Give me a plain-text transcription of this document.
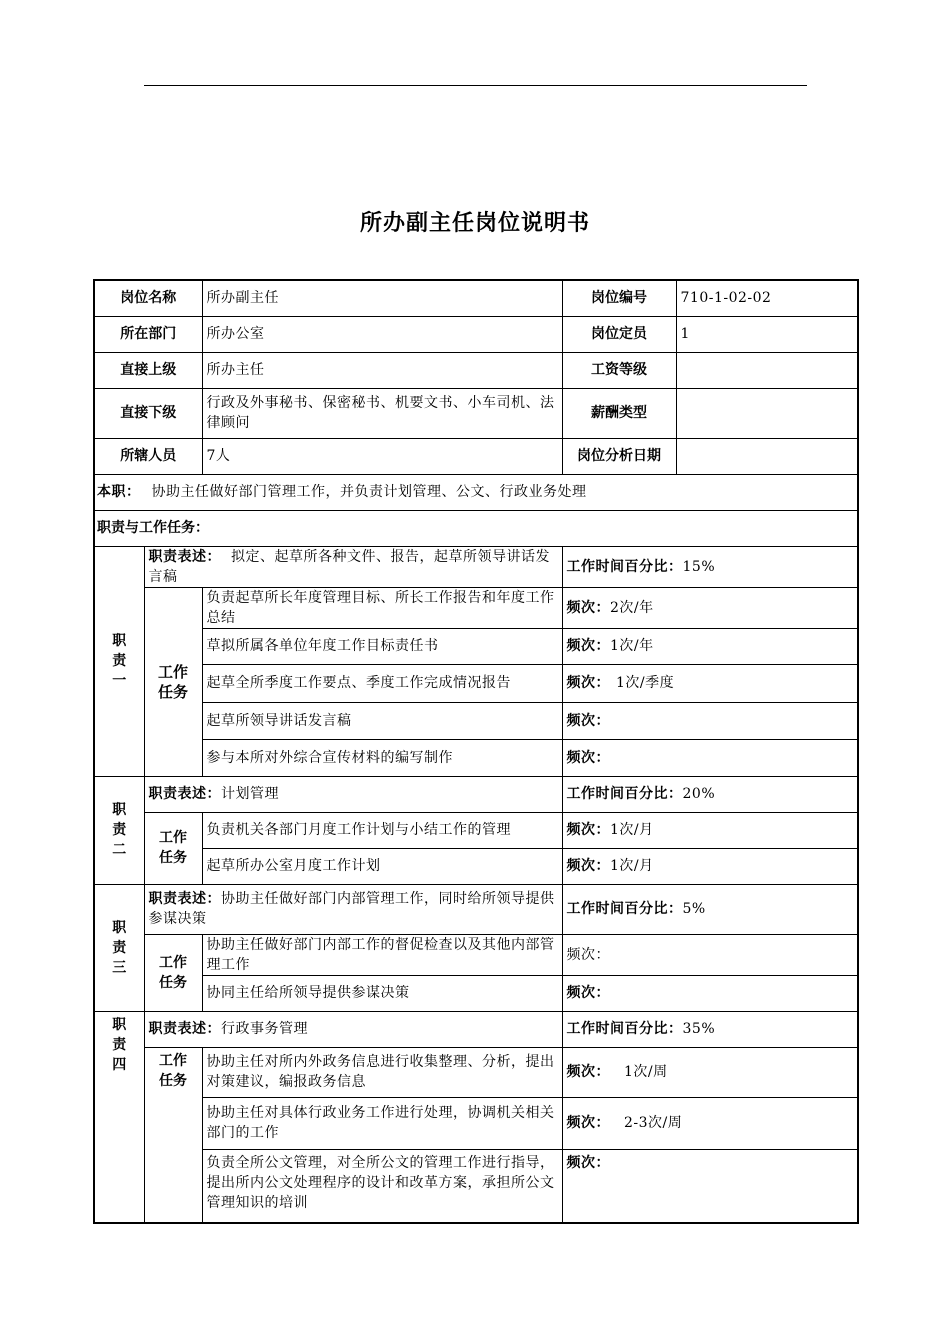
所办副主任岗位说明书
岗位名称		所办副主任	岗位编号	710-1-02-02
所在部门		所办公室	岗位定员	1
直接上级		所办主任	工资等级	
直接下级		行政及外事秘书、保密秘书、机要文书、小车司机、法律顾问	薪酬类型	
所辖人员		7人	岗位分析日期	
本职： 协助主任做好部门管理工作，并负责计划管理、公文、行政业务处理				
职责与工作任务：				
职
责
一	职责表述： 拟定、起草所各种文件、报告，起草所领导讲话发言稿		工作时间百分比：15%	
	工作
任务	负责起草所长年度管理目标、所长工作报告和年度工作总结	频次：2次/年	
		草拟所属各单位年度工作目标责任书	频次：1次/年	
		起草全所季度工作要点、季度工作完成情况报告	频次： 1次/季度	
		起草所领导讲话发言稿	频次：	
		参与本所对外综合宣传材料的编写制作	频次：	
职
责
二	职责表述：计划管理		工作时间百分比：20%	
	工作
任务	负责机关各部门月度工作计划与小结工作的管理	频次：1次/月	
		起草所办公室月度工作计划	频次：1次/月	
职
责
三	职责表述：协助主任做好部门内部管理工作，同时给所领导提供参谋决策		工作时间百分比：5%	
	工作
任务	协助主任做好部门内部工作的督促检查以及其他内部管理工作	频次：	
		协同主任给所领导提供参谋决策	频次：	
职
责
四	职责表述：行政事务管理		工作时间百分比：35%	
	工作
任务	协助主任对所内外政务信息进行收集整理、分析，提出对策建议，编报政务信息	频次： 1次/周	
		协助主任对具体行政业务工作进行处理，协调机关相关部门的工作	频次： 2-3次/周	
		负责全所公文管理，对全所公文的管理工作进行指导，提出所内公文处理程序的设计和改革方案，承担所公文管理知识的培训	频次：	
